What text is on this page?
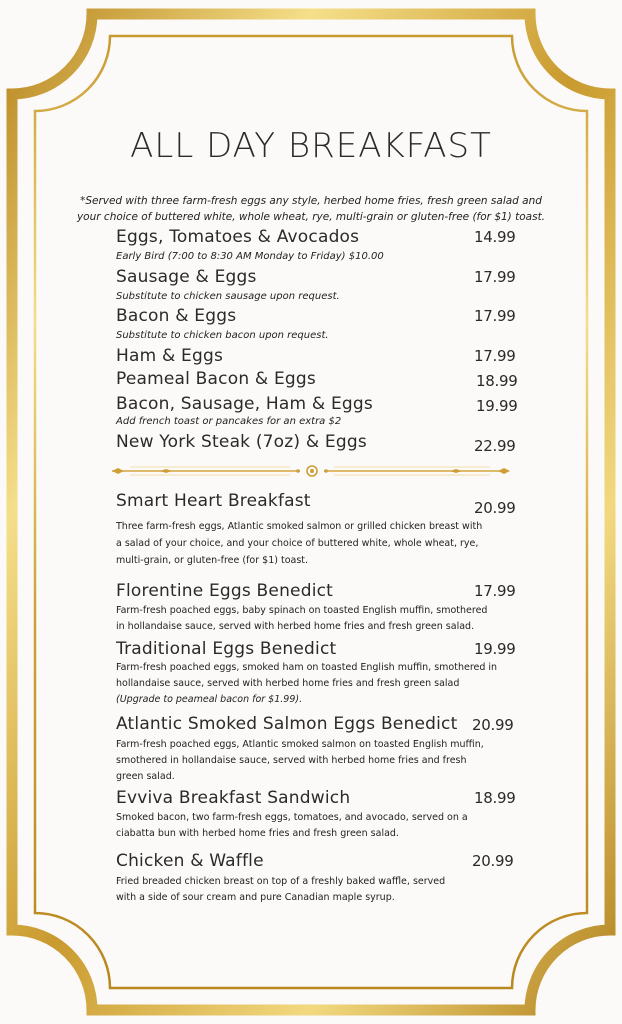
ALL DAY BREAKFAST
*Served with three farm-fresh eggs any style, herbed home fries, fresh green salad and
your choice of buttered white, whole wheat, rye, multi-grain or gluten-free (for $1) toast.
Eggs, Tomatoes & Avocados	14.99
Early Bird (7:00 to 8:30 AM Monday to Friday) $10.00
Sausage & Eggs	17.99
Substitute to chicken sausage upon request.
Bacon & Eggs	17.99
Substitute to chicken bacon upon request.
Ham & Eggs	17.99
Peameal Bacon & Eggs	18.99
Bacon, Sausage, Ham & Eggs	19.99
Add french toast or pancakes for an extra $2
New York Steak (7oz) & Eggs	22.99
Smart Heart Breakfast	20.99
Three farm-fresh eggs, Atlantic smoked salmon or grilled chicken breast with
a salad of your choice, and your choice of buttered white, whole wheat, rye,
multi-grain, or gluten-free (for $1) toast.
Florentine Eggs Benedict	17.99
Farm-fresh poached eggs, baby spinach on toasted English muffin, smothered
in hollandaise sauce, served with herbed home fries and fresh green salad.
Traditional Eggs Benedict	19.99
Farm-fresh poached eggs, smoked ham on toasted English muffin, smothered in
hollandaise sauce, served with herbed home fries and fresh green salad
(Upgrade to peameal bacon for $1.99).
Atlantic Smoked Salmon Eggs Benedict 20.99
Farm-fresh poached eggs, Atlantic smoked salmon on toasted English muffin,
smothered in hollandaise sauce, served with herbed home fries and fresh
green salad.
Evviva Breakfast Sandwich	18.99
Smoked bacon, two farm-fresh eggs, tomatoes, and avocado, served on a
ciabatta bun with herbed home fries and fresh green salad.
Chicken & Waffle	20.99
Fried breaded chicken breast on top of a freshly baked waffle, served
with a side of sour cream and pure Canadian maple syrup.
